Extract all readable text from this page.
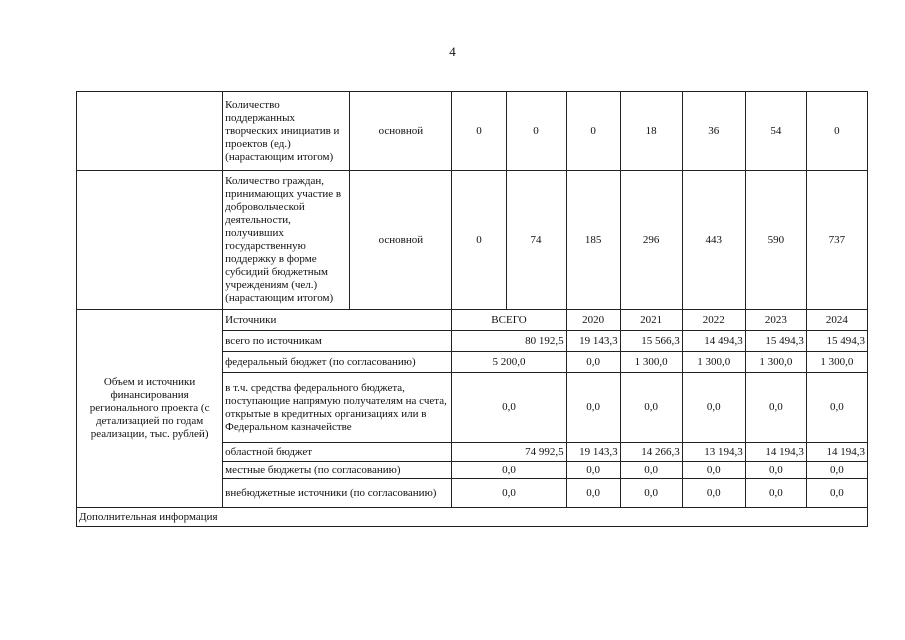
4
	Количество поддержанных творческих инициатив и проектов (ед.) (нарастающим итогом)	основной	0	0	0	18	36	54	0
	Количество граждан, принимающих участие в добровольческой деятельности, получивших государственную поддержку в форме субсидий бюджетным учреждениям (чел.) (нарастающим итогом)	основной	0	74	185	296	443	590	737
Объем и источники финансирования регионального проекта (с детализацией по годам реализации, тыс. рублей)	Источники		ВСЕГО		2020	2021	2022	2023	2024
	всего по источникам		80 192,5		19 143,3	15 566,3	14 494,3	15 494,3	15 494,3
	федеральный бюджет (по согласованию)		5 200,0		0,0	1 300,0	1 300,0	1 300,0	1 300,0
	в т.ч. средства федерального бюджета, поступающие напрямую получателям на счета, открытые в кредитных организациях или в Федеральном казначействе		0,0		0,0	0,0	0,0	0,0	0,0
	областной бюджет		74 992,5		19 143,3	14 266,3	13 194,3	14 194,3	14 194,3
	местные бюджеты (по согласованию)		0,0		0,0	0,0	0,0	0,0	0,0
	внебюджетные источники (по согласованию)		0,0		0,0	0,0	0,0	0,0	0,0
Дополнительная информация									
